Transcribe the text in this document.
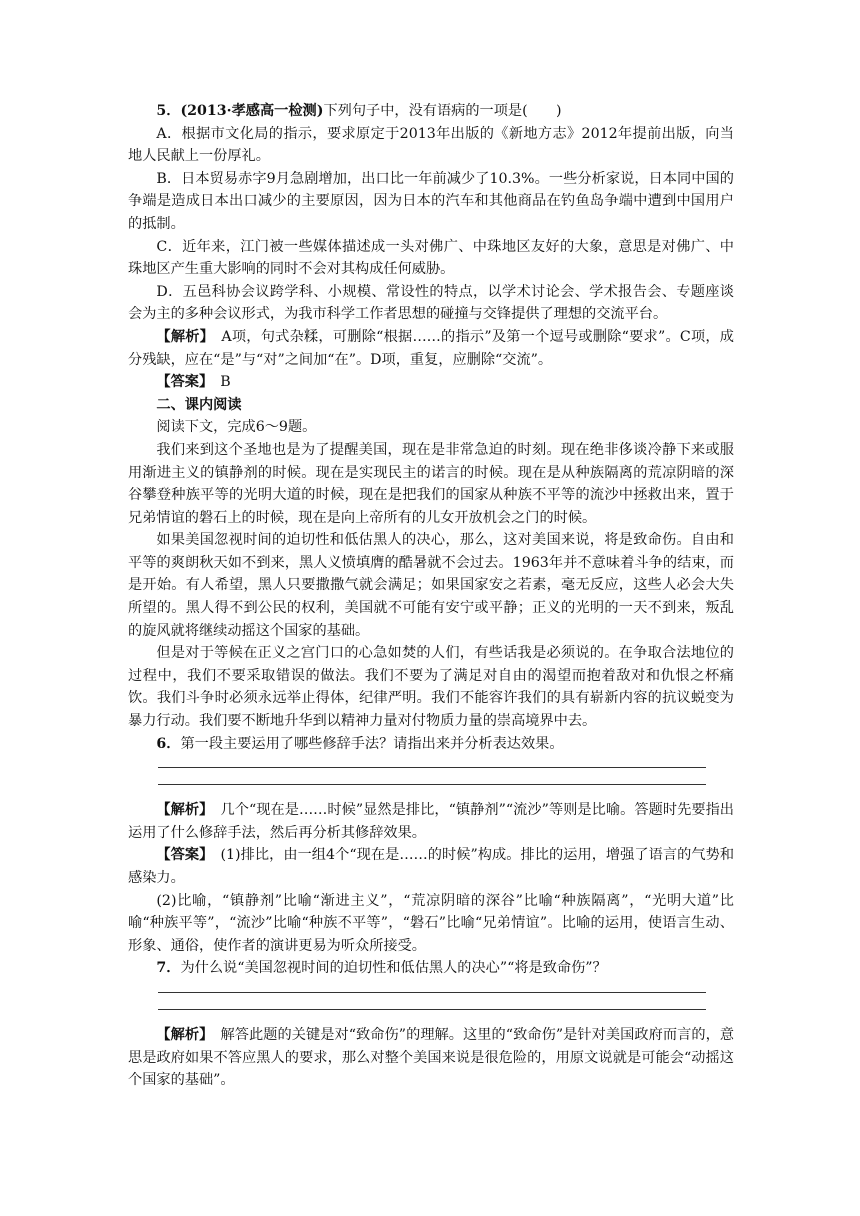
5．(2013·孝感高一检测)下列句子中，没有语病的一项是(　　)

A．根据市文化局的指示，要求原定于2013年出版的《新地方志》2012年提前出版，向当地人民献上一份厚礼。

B．日本贸易赤字9月急剧增加，出口比一年前减少了10.3%。一些分析家说，日本同中国的争端是造成日本出口减少的主要原因，因为日本的汽车和其他商品在钓鱼岛争端中遭到中国用户的抵制。

C．近年来，江门被一些媒体描述成一头对佛广、中珠地区友好的大象，意思是对佛广、中珠地区产生重大影响的同时不会对其构成任何威胁。

D．五邑科协会议跨学科、小规模、常设性的特点，以学术讨论会、学术报告会、专题座谈会为主的多种会议形式，为我市科学工作者思想的碰撞与交锋提供了理想的交流平台。

【解析】　A项，句式杂糅，可删除“根据……的指示”及第一个逗号或删除“要求”。C项，成分残缺，应在“是”与“对”之间加“在”。D项，重复，应删除“交流”。

【答案】　B

二、课内阅读

阅读下文，完成6～9题。

我们来到这个圣地也是为了提醒美国，现在是非常急迫的时刻。现在绝非侈谈冷静下来或服用渐进主义的镇静剂的时候。现在是实现民主的诺言的时候。现在是从种族隔离的荒凉阴暗的深谷攀登种族平等的光明大道的时候，现在是把我们的国家从种族不平等的流沙中拯救出来，置于兄弟情谊的磐石上的时候，现在是向上帝所有的儿女开放机会之门的时候。

如果美国忽视时间的迫切性和低估黑人的决心，那么，这对美国来说，将是致命伤。自由和平等的爽朗秋天如不到来，黑人义愤填膺的酷暑就不会过去。1963年并不意味着斗争的结束，而是开始。有人希望，黑人只要撒撒气就会满足；如果国家安之若素，毫无反应，这些人必会大失所望的。黑人得不到公民的权利，美国就不可能有安宁或平静；正义的光明的一天不到来，叛乱的旋风就将继续动摇这个国家的基础。

但是对于等候在正义之宫门口的心急如焚的人们，有些话我是必须说的。在争取合法地位的过程中，我们不要采取错误的做法。我们不要为了满足对自由的渴望而抱着敌对和仇恨之杯痛饮。我们斗争时必须永远举止得体，纪律严明。我们不能容许我们的具有崭新内容的抗议蜕变为暴力行动。我们要不断地升华到以精神力量对付物质力量的崇高境界中去。

6．第一段主要运用了哪些修辞手法？请指出来并分析表达效果。

【解析】　几个“现在是……时候”显然是排比，“镇静剂”“流沙”等则是比喻。答题时先要指出运用了什么修辞手法，然后再分析其修辞效果。

【答案】　(1)排比，由一组4个“现在是……的时候”构成。排比的运用，增强了语言的气势和感染力。

(2)比喻，“镇静剂”比喻“渐进主义”，“荒凉阴暗的深谷”比喻“种族隔离”，“光明大道”比喻“种族平等”，“流沙”比喻“种族不平等”，“磐石”比喻“兄弟情谊”。比喻的运用，使语言生动、形象、通俗，使作者的演讲更易为听众所接受。

7．为什么说“美国忽视时间的迫切性和低估黑人的决心”“将是致命伤”？

【解析】　解答此题的关键是对“致命伤”的理解。这里的“致命伤”是针对美国政府而言的，意思是政府如果不答应黑人的要求，那么对整个美国来说是很危险的，用原文说就是可能会“动摇这个国家的基础”。
